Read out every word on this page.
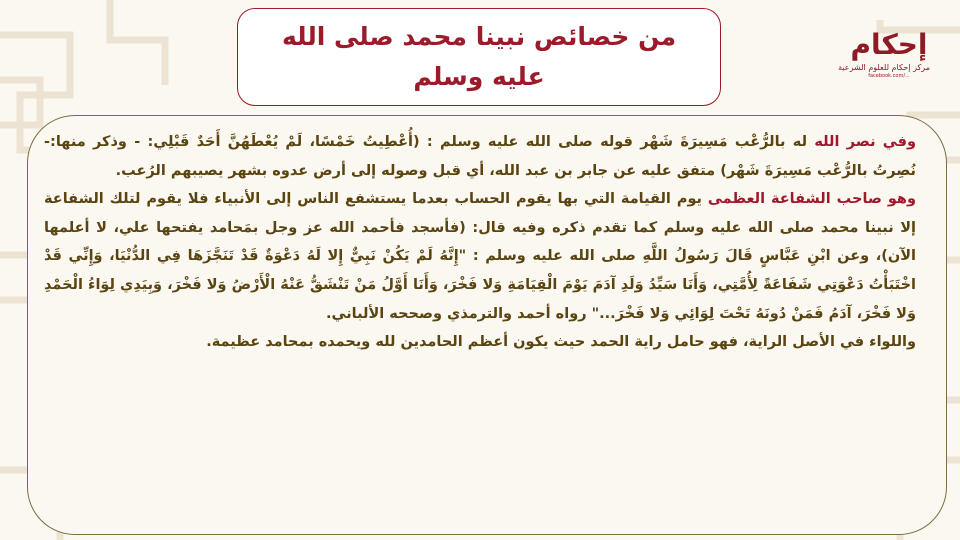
من خصائص نبينا محمد صلى الله
عليه وسلم
إحكام
مركز إحكام للعلوم الشرعية
facebook.com/...

وفي نصر الله له بالرُّعْب مَسِيرَةَ شَهْر قوله صلى الله عليه وسلم : (أُعْطِيتُ خَمْسًا، لَمْ يُعْطَهُنَّ أَحَدٌ قَبْلِي: - وذكر منها:- نُصِرتُ بالرُّعْب مَسِيرَةَ شَهْر) متفق عليه عن جابر بن عبد الله، أي قبل وصوله إلى أرض عدوه بشهر يصيبهم الرُعب.

وهو صاحب الشفاعة العظمى يوم القيامة التي بها يقوم الحساب بعدما يستشفع الناس إلى الأنبياء فلا يقوم لتلك الشفاعة إلا نبينا محمد صلى الله عليه وسلم كما تقدم ذكره وفيه قال: (فأسجد فأحمد الله عز وجل بمَحامد يفتحها علي، لا أعلمها الآن)، وعن ابْنِ عَبَّاسٍ قَالَ رَسُولُ اللَّهِ صلى الله عليه وسلم : "إِنَّهُ لَمْ يَكُنْ نَبِيٌّ إِلا لَهُ دَعْوَةٌ قَدْ تَنَجَّزَهَا فِي الدُّنْيَا، وَإِنِّي قَدْ اخْتَبَأْتُ دَعْوَتِي شَفَاعَةً لِأُمَّتِي، وَأَنَا سَيِّدُ وَلَدِ آدَمَ يَوْمَ الْقِيَامَةِ وَلا فَخْرَ، وَأَنَا أَوَّلُ مَنْ تَنْشَقُّ عَنْهُ الْأَرْضُ وَلا فَخْرَ، وَبِيَدِي لِوَاءُ الْحَمْدِ وَلا فَخْرَ، آدَمُ فَمَنْ دُونَهُ تَحْتَ لِوَائِي وَلا فَخْرَ..." رواه أحمد والترمذي وصححه الألباني.

واللواء في الأصل الراية، فهو حامل راية الحمد حيث يكون أعظم الحامدين لله ويحمده بمحامد عظيمة.
